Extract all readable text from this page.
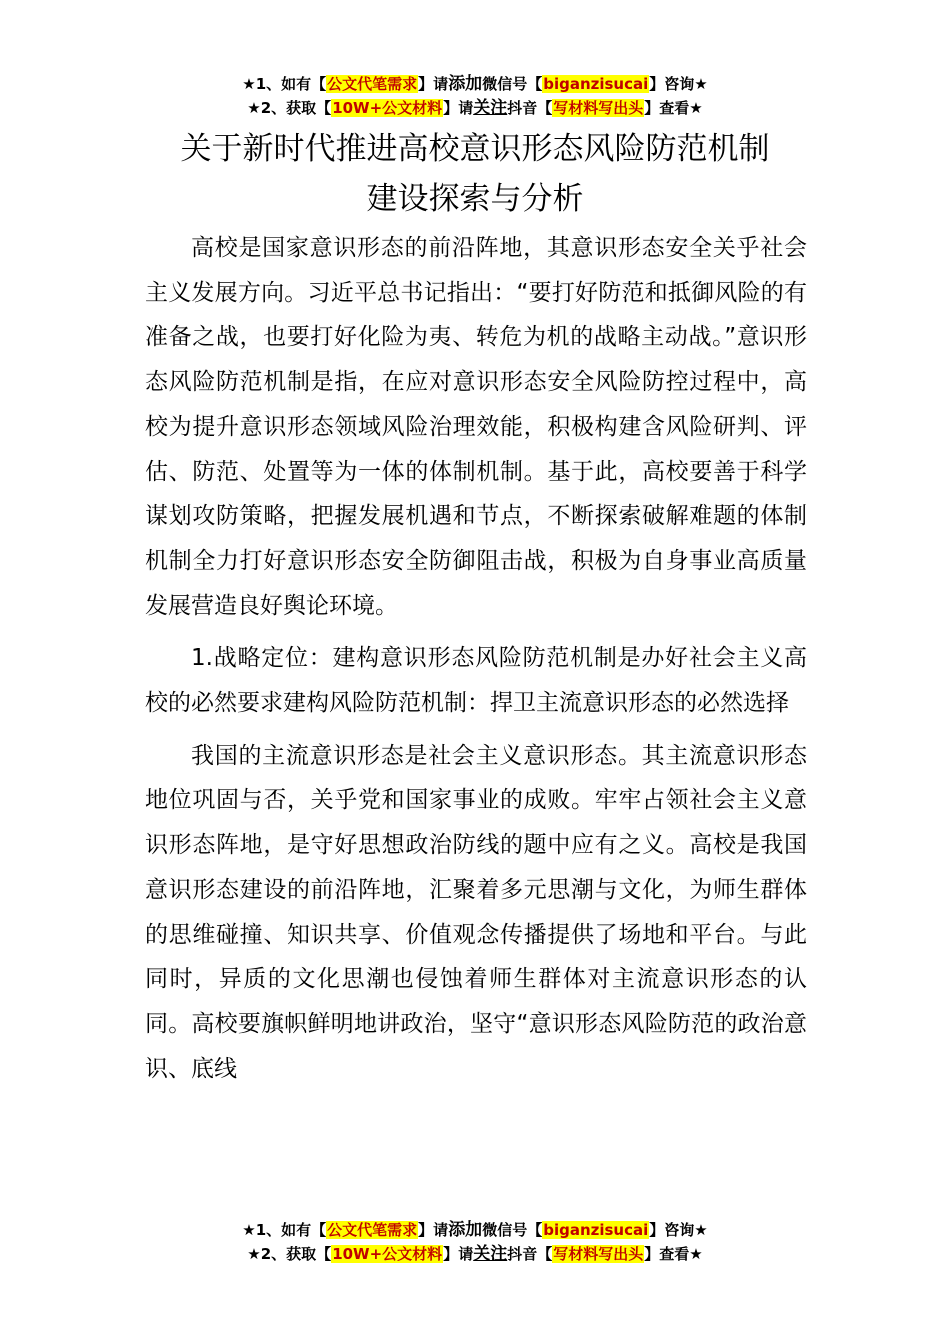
★1、如有【公文代笔需求】请添加微信号【biganzisucai】咨询★
★2、获取【10W+公文材料】请关注抖音【写材料写出头】查看★
关于新时代推进高校意识形态风险防范机制
建设探索与分析

高校是国家意识形态的前沿阵地，其意识形态安全关乎社会主义发展方向。习近平总书记指出：“要打好防范和抵御风险的有准备之战，也要打好化险为夷、转危为机的战略主动战。”意识形态风险防范机制是指，在应对意识形态安全风险防控过程中，高校为提升意识形态领域风险治理效能，积极构建含风险研判、评估、防范、处置等为一体的体制机制。基于此，高校要善于科学谋划攻防策略，把握发展机遇和节点，不断探索破解难题的体制机制全力打好意识形态安全防御阻击战，积极为自身事业高质量发展营造良好舆论环境。

1.战略定位：建构意识形态风险防范机制是办好社会主义高校的必然要求建构风险防范机制：捍卫主流意识形态的必然选择

我国的主流意识形态是社会主义意识形态。其主流意识形态地位巩固与否，关乎党和国家事业的成败。牢牢占领社会主义意识形态阵地，是守好思想政治防线的题中应有之义。高校是我国意识形态建设的前沿阵地，汇聚着多元思潮与文化，为师生群体的思维碰撞、知识共享、价值观念传播提供了场地和平台。与此同时，异质的文化思潮也侵蚀着师生群体对主流意识形态的认同。高校要旗帜鲜明地讲政治，坚守“意识形态风险防范的政治意识、底线

★1、如有【公文代笔需求】请添加微信号【biganzisucai】咨询★
★2、获取【10W+公文材料】请关注抖音【写材料写出头】查看★
